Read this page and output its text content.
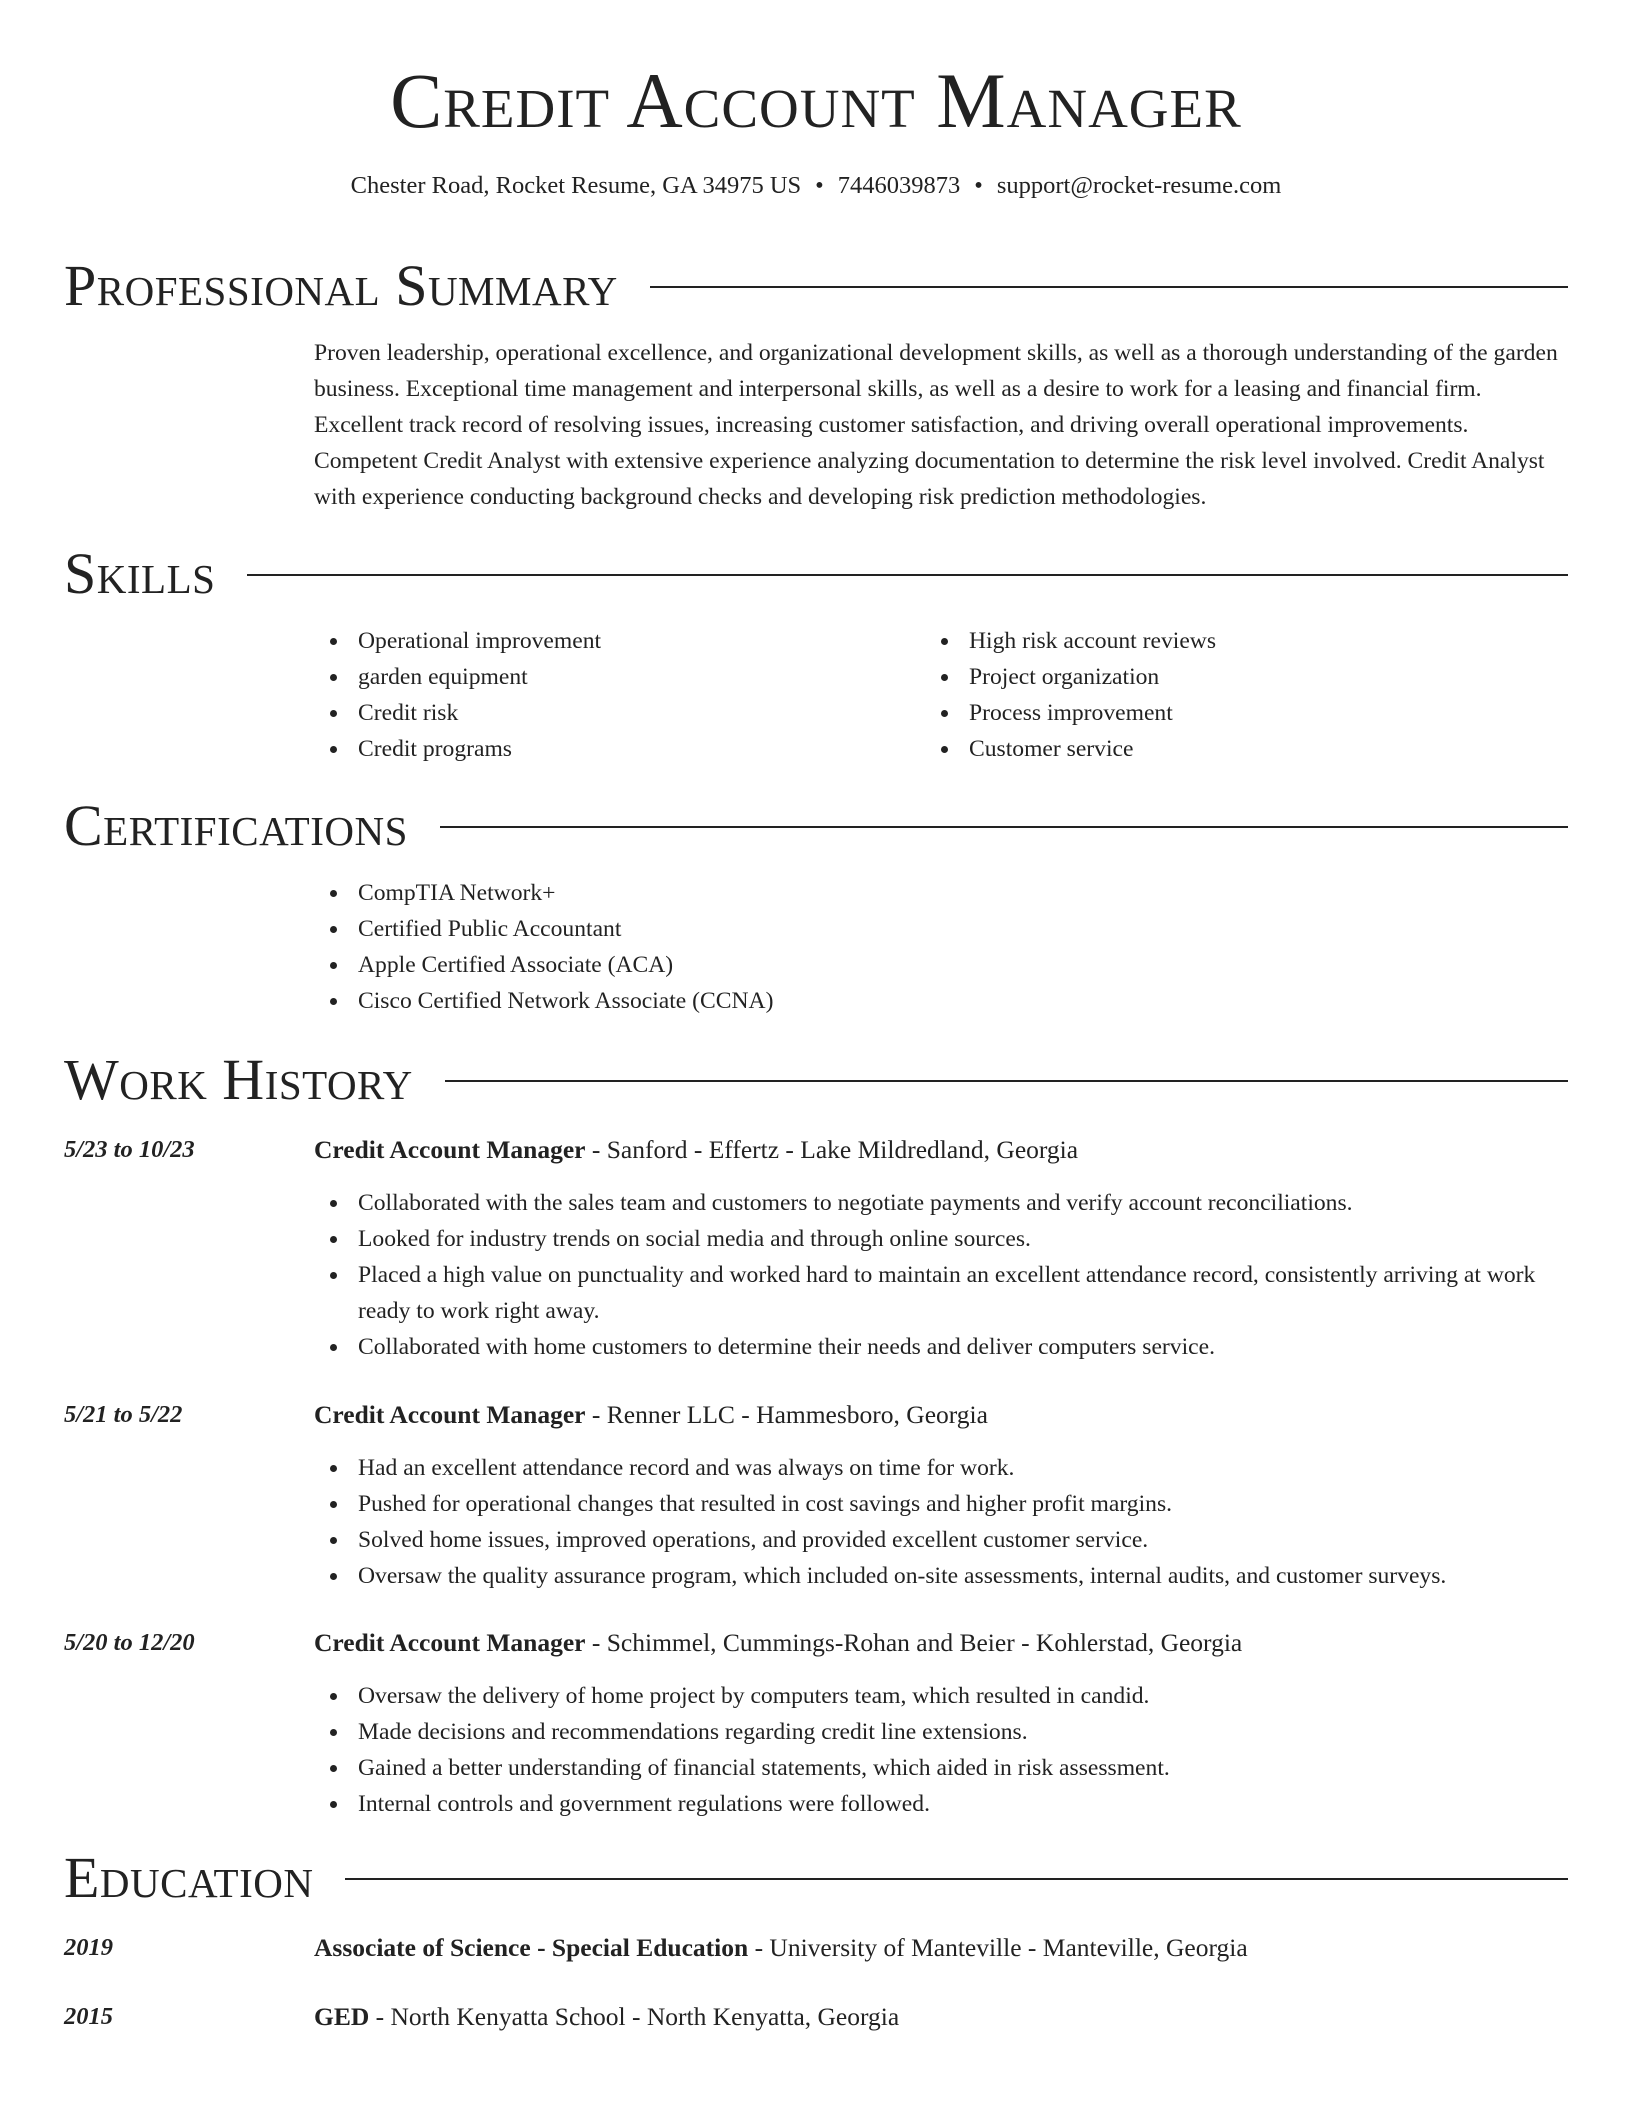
Credit Account Manager
Chester Road, Rocket Resume, GA 34975 US • 7446039873 • support@rocket-resume.com
Professional Summary

Proven leadership, operational excellence, and organizational development skills, as well as a thorough understanding of the garden business. Exceptional time management and interpersonal skills, as well as a desire to work for a leasing and financial firm. Excellent track record of resolving issues, increasing customer satisfaction, and driving overall operational improvements. Competent Credit Analyst with extensive experience analyzing documentation to determine the risk level involved. Credit Analyst with experience conducting background checks and developing risk prediction methodologies.

Skills
Operational improvement
garden equipment
Credit risk
Credit programs
High risk account reviews
Project organization
Process improvement
Customer service
Certifications
CompTIA Network+
Certified Public Accountant
Apple Certified Associate (ACA)
Cisco Certified Network Associate (CCNA)
Work History
5/23 to 10/23	Credit Account Manager - Sanford - Effertz - Lake Mildredland, Georgia
Collaborated with the sales team and customers to negotiate payments and verify account reconciliations.
Looked for industry trends on social media and through online sources.
Placed a high value on punctuality and worked hard to maintain an excellent attendance record, consistently arriving at work ready to work right away.
Collaborated with home customers to determine their needs and deliver computers service.
5/21 to 5/22	Credit Account Manager - Renner LLC - Hammesboro, Georgia
Had an excellent attendance record and was always on time for work.
Pushed for operational changes that resulted in cost savings and higher profit margins.
Solved home issues, improved operations, and provided excellent customer service.
Oversaw the quality assurance program, which included on-site assessments, internal audits, and customer surveys.
5/20 to 12/20	Credit Account Manager - Schimmel, Cummings-Rohan and Beier - Kohlerstad, Georgia
Oversaw the delivery of home project by computers team, which resulted in candid.
Made decisions and recommendations regarding credit line extensions.
Gained a better understanding of financial statements, which aided in risk assessment.
Internal controls and government regulations were followed.
Education
2019	Associate of Science - Special Education - University of Manteville - Manteville, Georgia
2015	GED - North Kenyatta School - North Kenyatta, Georgia
